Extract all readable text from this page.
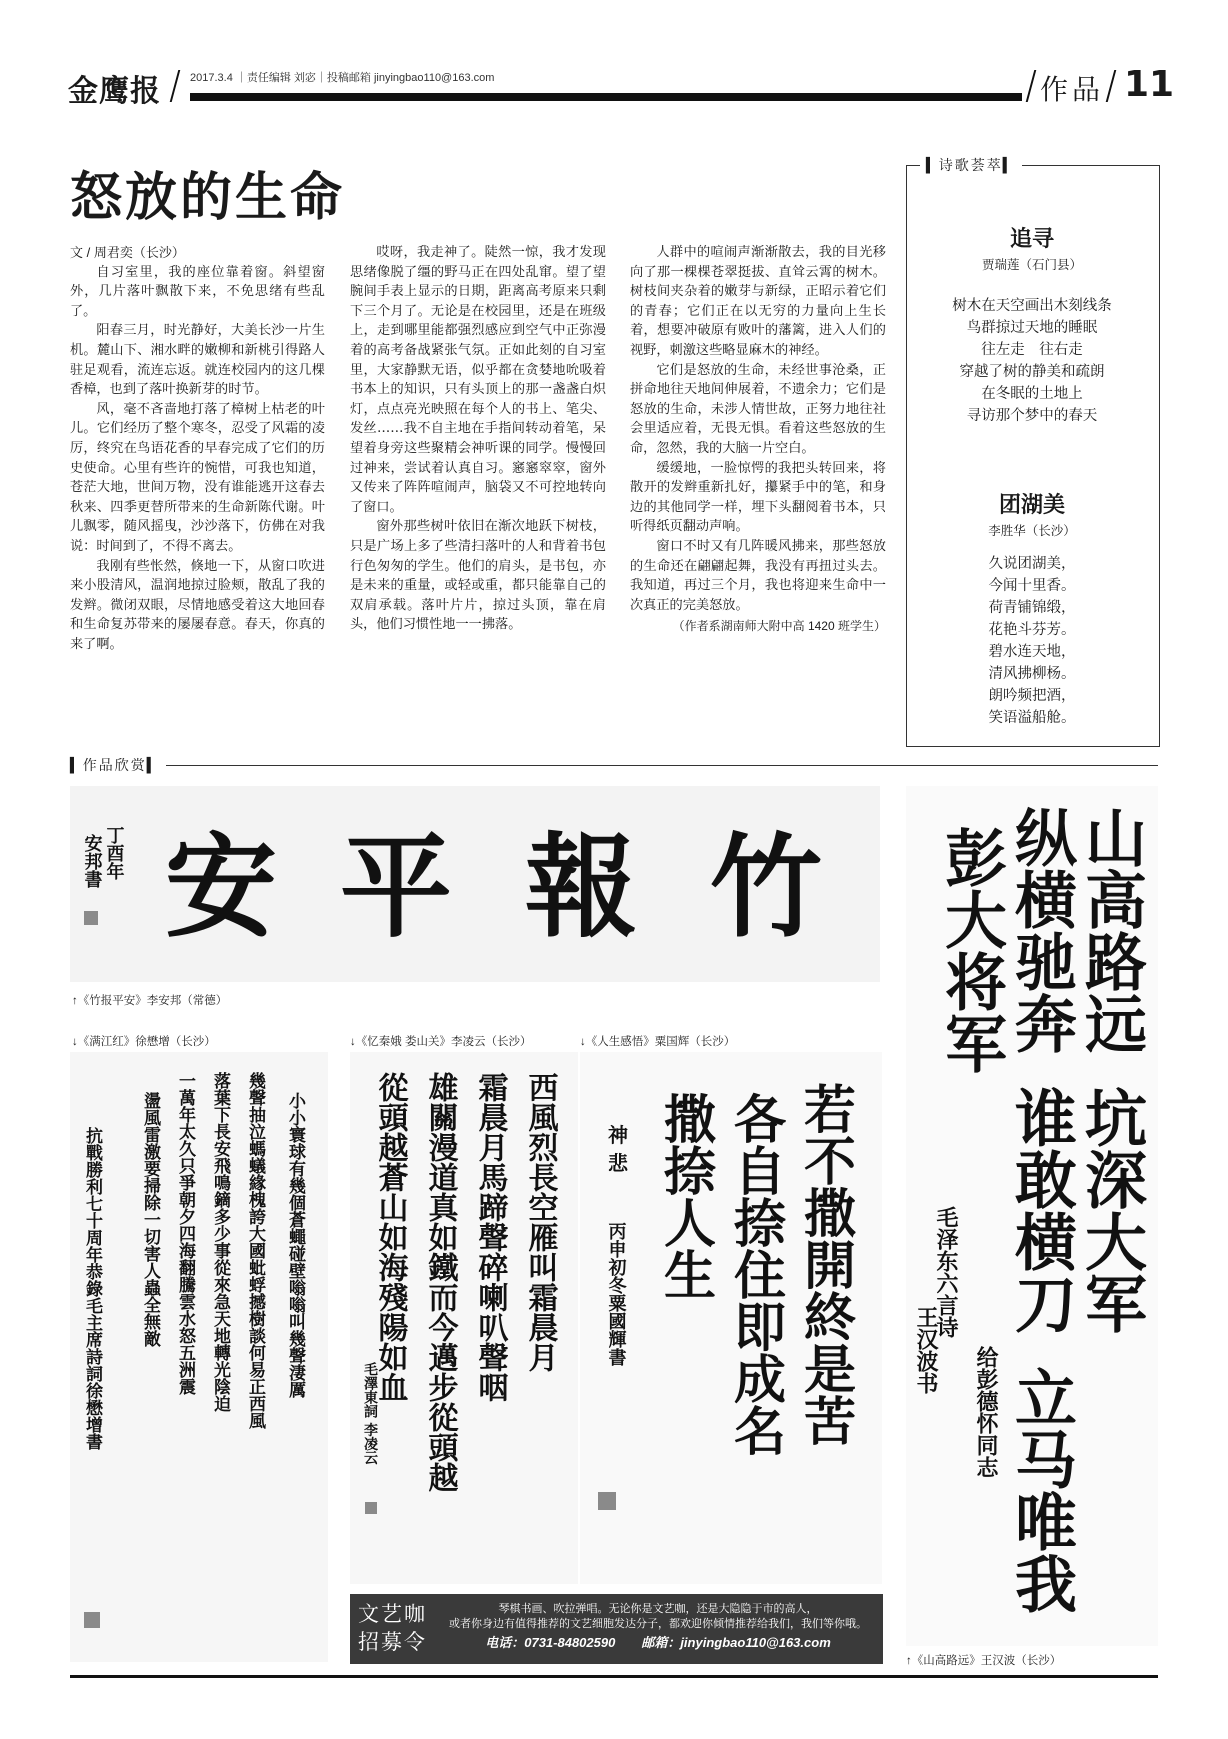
金鹰报	2017.3.4 ｜责任编辑 刘宓｜投稿邮箱 jinyingbao110@163.com	作品 11
怒放的生命

文 / 周君奕（长沙）

自习室里，我的座位靠着窗。斜望窗外，几片落叶飘散下来，不免思绪有些乱了。

阳春三月，时光静好，大美长沙一片生机。麓山下、湘水畔的嫩柳和新桃引得路人驻足观看，流连忘返。就连校园内的这几棵香樟，也到了落叶换新芽的时节。

风，毫不吝啬地打落了樟树上枯老的叶儿。它们经历了整个寒冬，忍受了风霜的凌厉，终究在鸟语花香的早春完成了它们的历史使命。心里有些许的惋惜，可我也知道，苍茫大地，世间万物，没有谁能逃开这春去秋来、四季更替所带来的生命新陈代谢。叶儿飘零，随风摇曳，沙沙落下，仿佛在对我说：时间到了，不得不离去。

我刚有些怅然，倏地一下，从窗口吹进来小股清风，温润地掠过脸颊，散乱了我的发辫。微闭双眼，尽情地感受着这大地回春和生命复苏带来的屡屡春意。春天，你真的来了啊。

哎呀，我走神了。陡然一惊，我才发现思绪像脱了缰的野马正在四处乱窜。望了望腕间手表上显示的日期，距离高考原来只剩下三个月了。无论是在校园里，还是在班级上，走到哪里能都强烈感应到空气中正弥漫着的高考备战紧张气氛。正如此刻的自习室里，大家静默无语，似乎都在贪婪地吮吸着书本上的知识，只有头顶上的那一盏盏白炽灯，点点亮光映照在每个人的书上、笔尖、发丝……我不自主地在手指间转动着笔，呆望着身旁这些聚精会神听课的同学。慢慢回过神来，尝试着认真自习。窸窸窣窣，窗外又传来了阵阵喧闹声，脑袋又不可控地转向了窗口。

窗外那些树叶依旧在渐次地跃下树枝，只是广场上多了些清扫落叶的人和背着书包行色匆匆的学生。他们的肩头，是书包，亦是未来的重量，或轻或重，都只能靠自己的双肩承载。落叶片片，掠过头顶，靠在肩头，他们习惯性地一一拂落。

人群中的喧闹声渐渐散去，我的目光移向了那一棵棵苍翠挺拔、直耸云霄的树木。树枝间夹杂着的嫩芽与新绿，正昭示着它们的青春；它们正在以无穷的力量向上生长着，想要冲破原有败叶的藩篱，进入人们的视野，刺激这些略显麻木的神经。

它们是怒放的生命，未经世事沧桑，正拼命地往天地间伸展着，不遗余力；它们是怒放的生命，未涉人情世故，正努力地往社会里适应着，无畏无惧。看着这些怒放的生命，忽然，我的大脑一片空白。

缓缓地，一脸惊愕的我把头转回来，将散开的发辫重新扎好，攥紧手中的笔，和身边的其他同学一样，埋下头翻阅着书本，只听得纸页翻动声响。

窗口不时又有几阵暖风拂来，那些怒放的生命还在翩翩起舞，我没有再扭过头去。我知道，再过三个月，我也将迎来生命中一次真正的完美怒放。

（作者系湖南师大附中高 1420 班学生）

▍诗歌荟萃▍
追寻
贾瑞莲（石门县）
树木在天空画出木刻线条
鸟群掠过天地的睡眠
往左走　往右走
穿越了树的静美和疏朗
在冬眠的土地上
寻访那个梦中的春天
团湖美
李胜华（长沙）
久说团湖美，
今闻十里香。
荷青铺锦缎，
花艳斗芬芳。
碧水连天地，
清风拂柳杨。
朗吟频把酒，
笑语溢船舱。
▍作品欣赏▍
安 平 報 竹
丁酉年
安邦書
↑《竹报平安》李安邦（常德）	山高路远
坑深大军
纵横驰奔
谁敢横刀
彭大将军
立马唯我
毛泽东六言诗
给彭德怀同志
王汉波书
↑《山高路远》王汉波（长沙）
↓《满江红》徐懋增（长沙）	↓《忆秦娥 娄山关》李凌云（长沙）	↓《人生感悟》粟国辉（长沙）
小小寰球有幾個蒼蠅碰壁嗡嗡叫幾聲淒厲
幾聲抽泣螞蟻緣槐誇大國蚍蜉撼樹談何易正西風
落葉下長安飛鳴鏑多少事從來急天地轉光陰迫
一萬年太久只爭朝夕四海翻騰雲水怒五洲震
盪風雷激要掃除一切害人蟲全無敵
抗戰勝利七十周年恭錄毛主席詩詞徐懋增書	西風烈長空雁叫霜晨月
霜晨月馬蹄聲碎喇叭聲咽
雄關漫道真如鐵而今邁步從頭越
從頭越蒼山如海殘陽如血
毛澤東詞 李凌云	若不撒開終是苦
各自捺住即成名
撒捺人生
神
悲
丙申初冬粟國輝書
文艺咖
招募令
琴棋书画、吹拉弹唱。无论你是文艺咖，还是大隐隐于市的高人，
或者你身边有值得推荐的文艺细胞发达分子，都欢迎你倾情推荐给我们，我们等你哦。
电话：0731-84802590　　邮箱：jinyingbao110@163.com
